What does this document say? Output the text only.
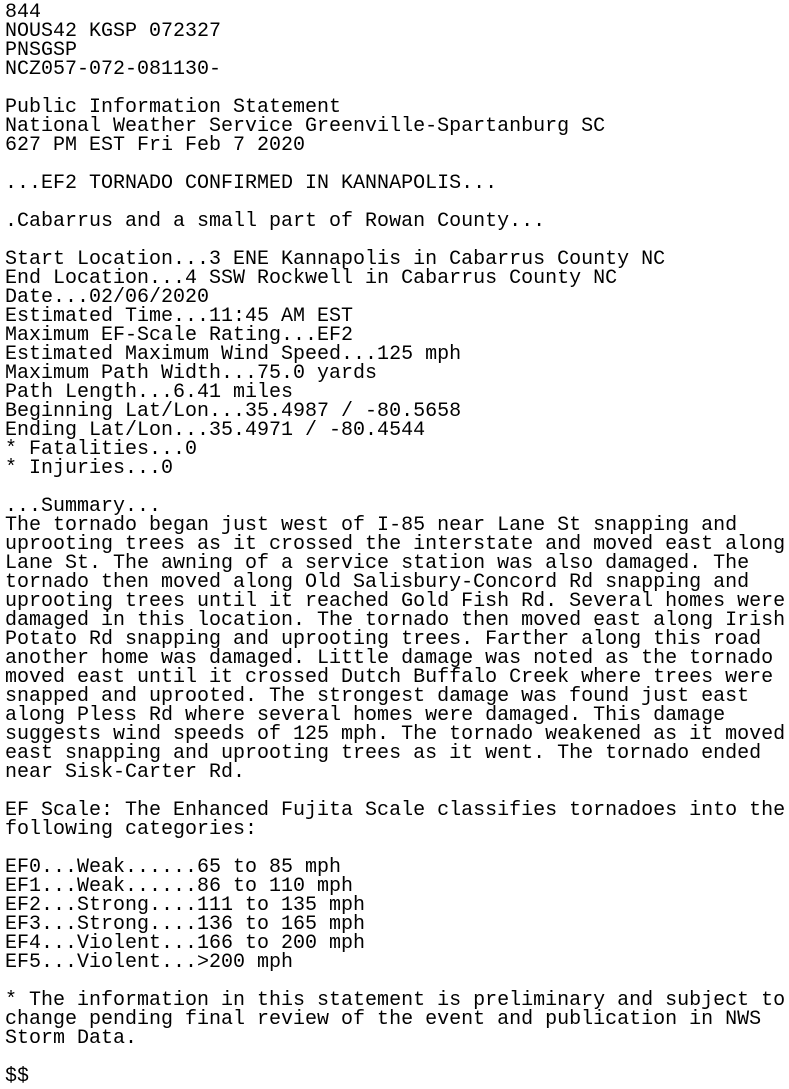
844
NOUS42 KGSP 072327
PNSGSP
NCZ057-072-081130-
Public Information Statement
National Weather Service Greenville-Spartanburg SC
627 PM EST Fri Feb 7 2020
...EF2 TORNADO CONFIRMED IN KANNAPOLIS...
.Cabarrus and a small part of Rowan County...
Start Location...3 ENE Kannapolis in Cabarrus County NC
End Location...4 SSW Rockwell in Cabarrus County NC
Date...02/06/2020
Estimated Time...11:45 AM EST
Maximum EF-Scale Rating...EF2
Estimated Maximum Wind Speed...125 mph
Maximum Path Width...75.0 yards
Path Length...6.41 miles
Beginning Lat/Lon...35.4987 / -80.5658
Ending Lat/Lon...35.4971 / -80.4544
* Fatalities...0
* Injuries...0
...Summary...
The tornado began just west of I-85 near Lane St snapping and
uprooting trees as it crossed the interstate and moved east along
Lane St. The awning of a service station was also damaged. The
tornado then moved along Old Salisbury-Concord Rd snapping and
uprooting trees until it reached Gold Fish Rd. Several homes were
damaged in this location. The tornado then moved east along Irish
Potato Rd snapping and uprooting trees. Farther along this road
another home was damaged. Little damage was noted as the tornado
moved east until it crossed Dutch Buffalo Creek where trees were
snapped and uprooted. The strongest damage was found just east
along Pless Rd where several homes were damaged. This damage
suggests wind speeds of 125 mph. The tornado weakened as it moved
east snapping and uprooting trees as it went. The tornado ended
near Sisk-Carter Rd.
EF Scale: The Enhanced Fujita Scale classifies tornadoes into the
following categories:
EF0...Weak......65 to 85 mph
EF1...Weak......86 to 110 mph
EF2...Strong....111 to 135 mph
EF3...Strong....136 to 165 mph
EF4...Violent...166 to 200 mph
EF5...Violent...>200 mph
* The information in this statement is preliminary and subject to
change pending final review of the event and publication in NWS
Storm Data.
$$
